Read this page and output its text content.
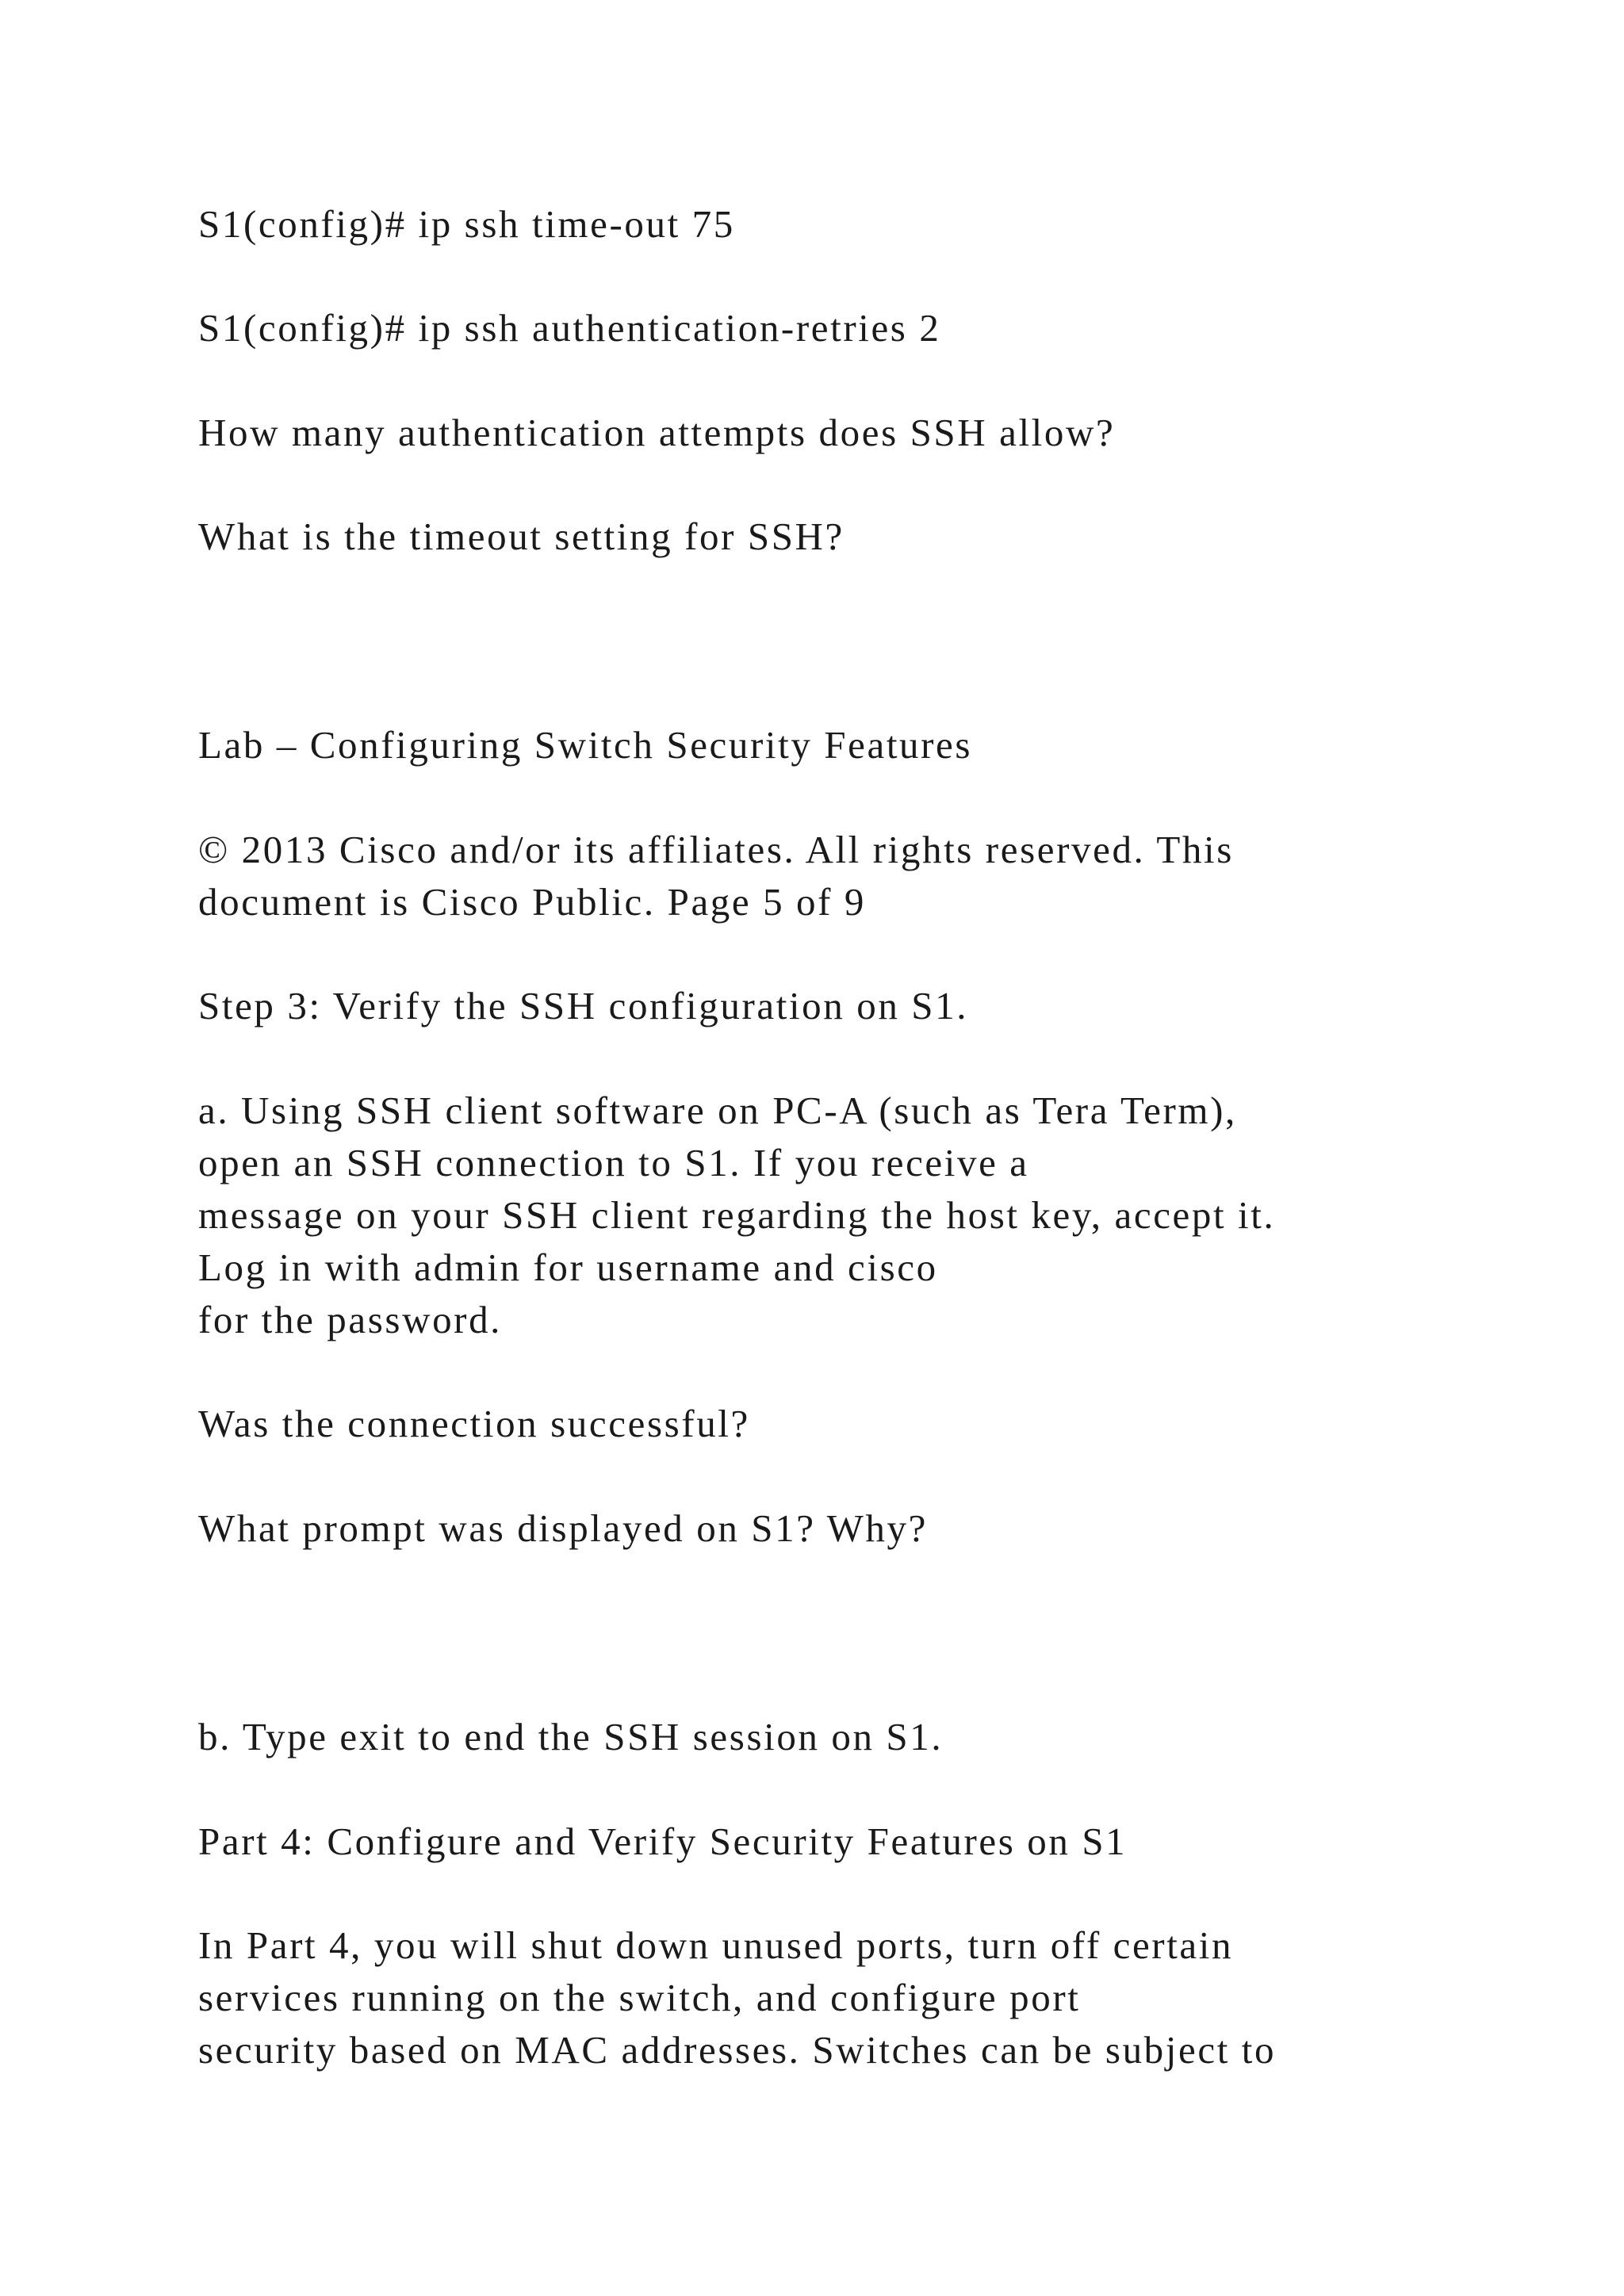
S1(config)# ip ssh time-out 75

S1(config)# ip ssh authentication-retries 2

How many authentication attempts does SSH allow?

What is the timeout setting for SSH?

Lab – Configuring Switch Security Features

© 2013 Cisco and/or its affiliates. All rights reserved. This

document is Cisco Public. Page 5 of 9

Step 3: Verify the SSH configuration on S1.

a. Using SSH client software on PC-A (such as Tera Term),

open an SSH connection to S1. If you receive a

message on your SSH client regarding the host key, accept it.

Log in with admin for username and cisco

for the password.

Was the connection successful?

What prompt was displayed on S1? Why?

b. Type exit to end the SSH session on S1.

Part 4: Configure and Verify Security Features on S1

In Part 4, you will shut down unused ports, turn off certain

services running on the switch, and configure port

security based on MAC addresses. Switches can be subject to
